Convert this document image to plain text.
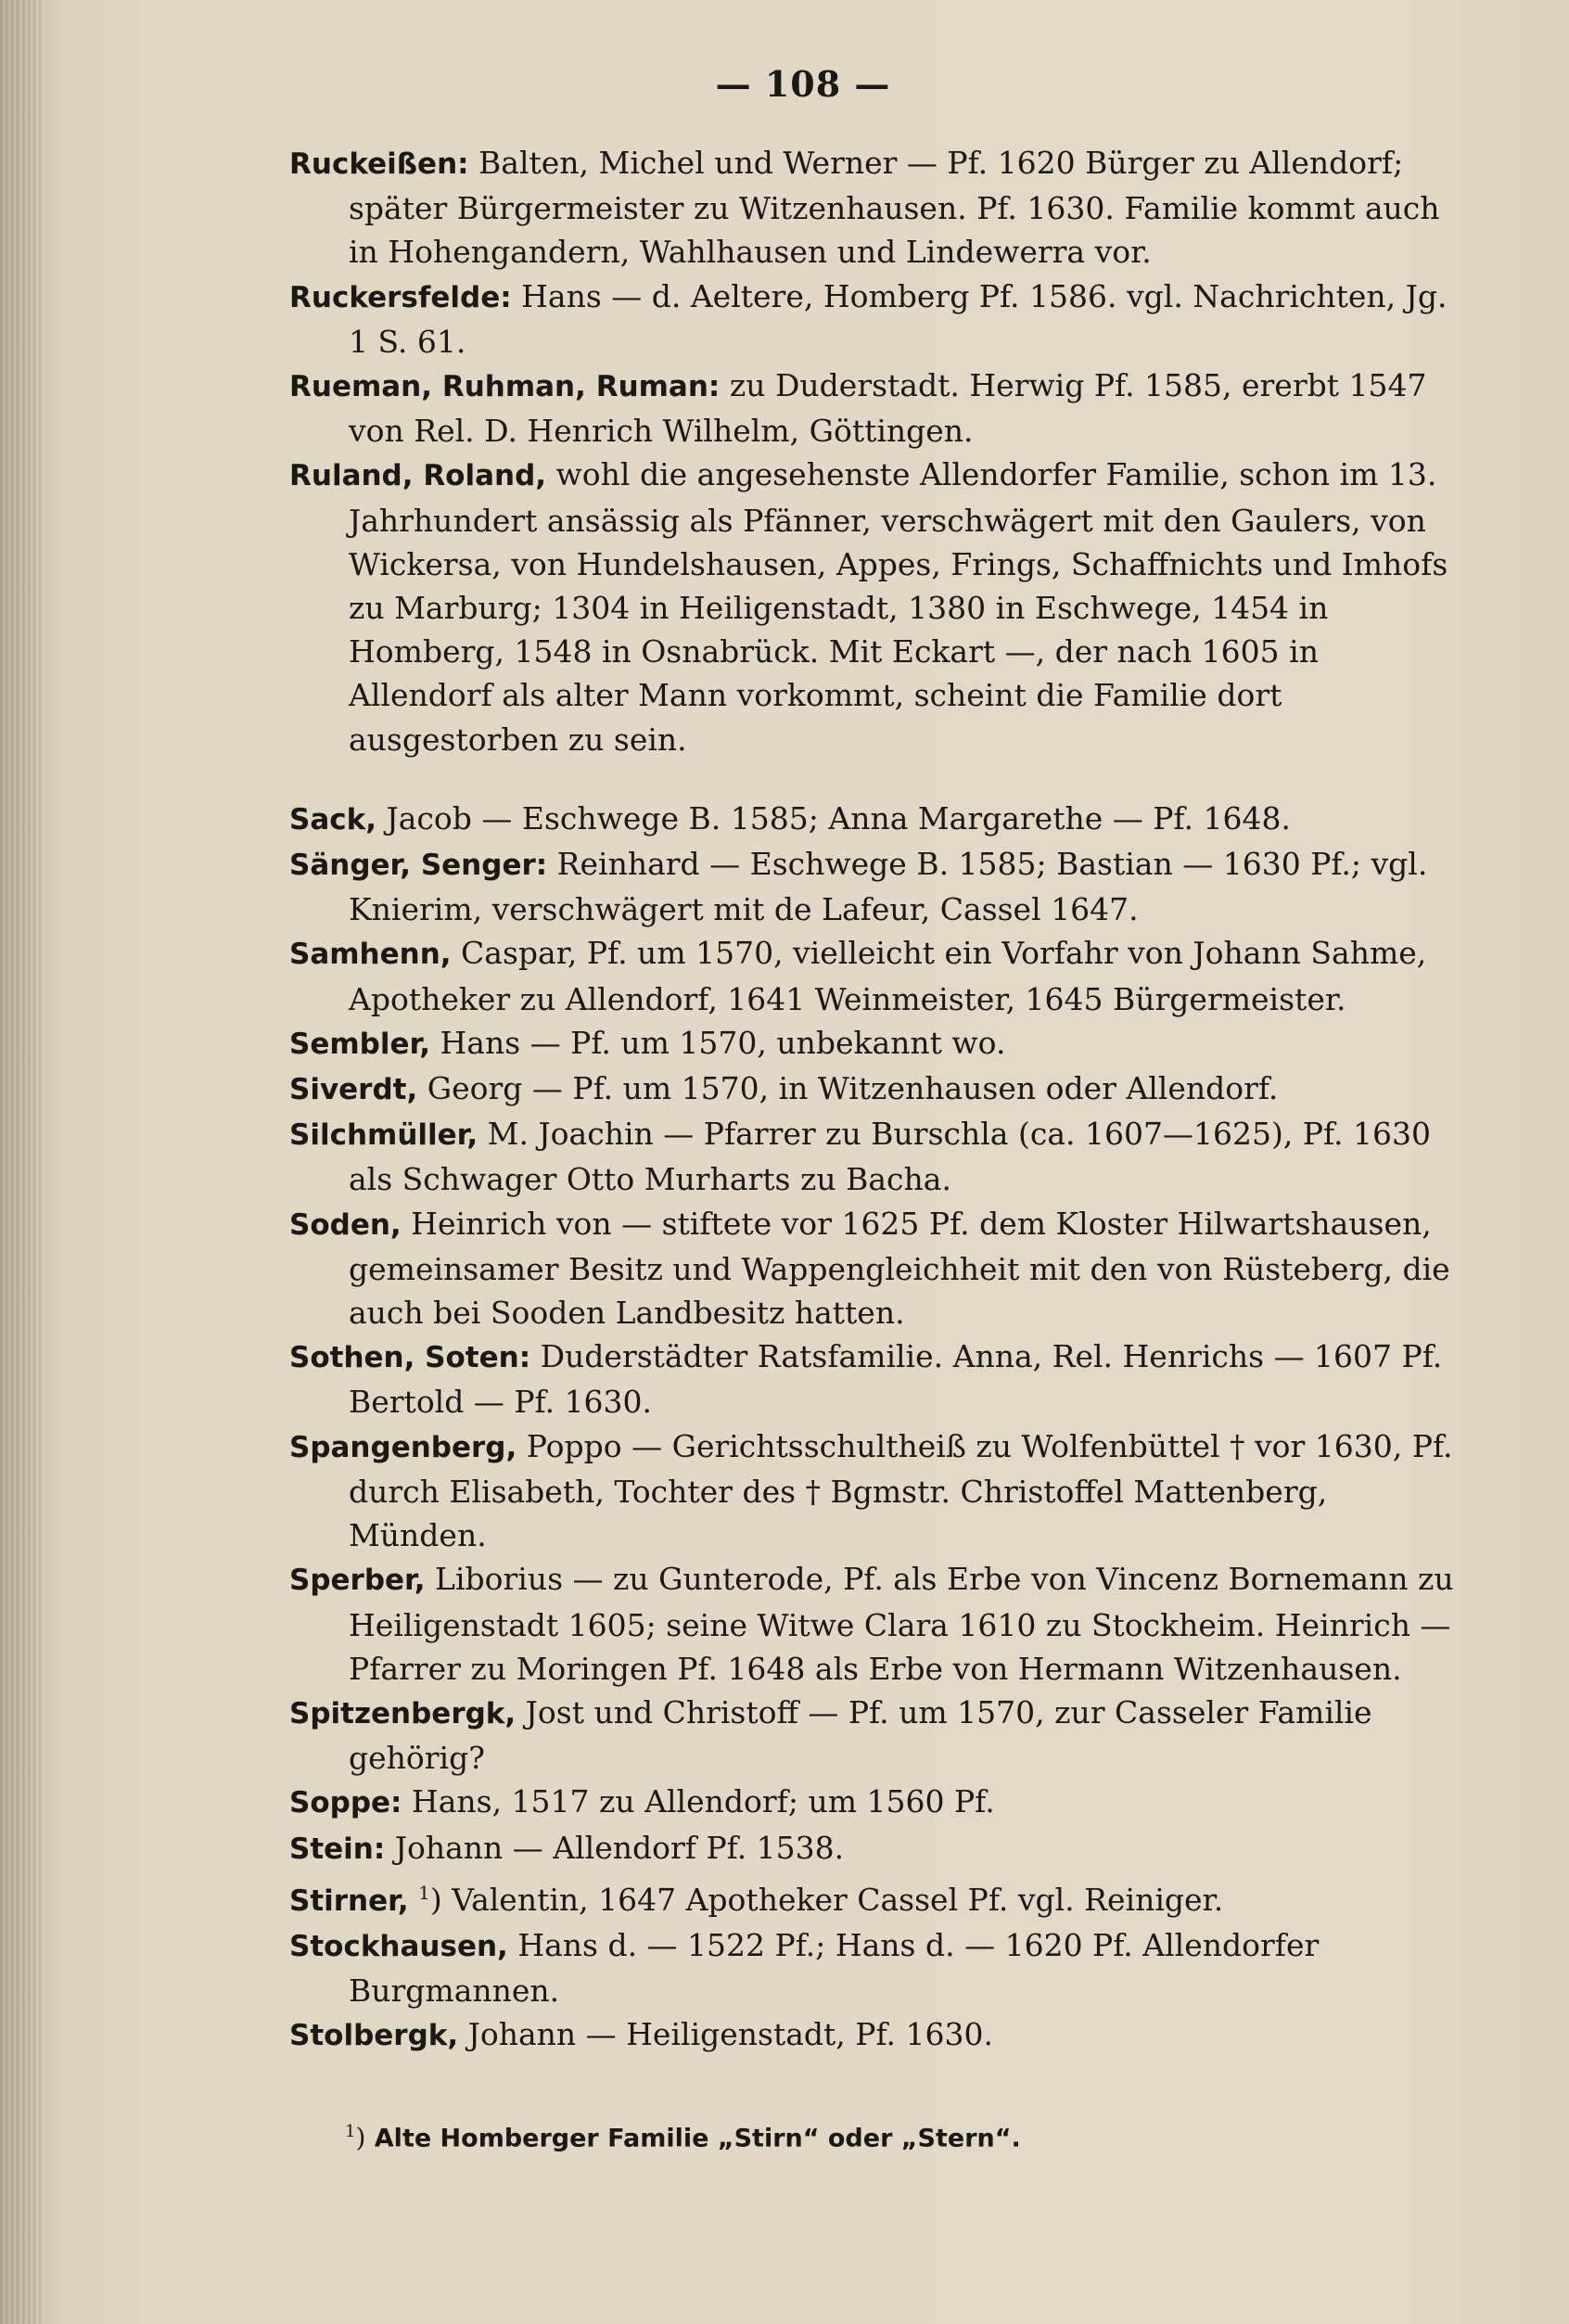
— 108 —

Ruckeißen: Balten, Michel und Werner — Pf. 1620 Bürger zu Allendorf; später Bürgermeister zu Witzenhausen. Pf. 1630. Familie kommt auch in Hohengandern, Wahlhausen und Lindewerra vor.

Ruckersfelde: Hans — d. Aeltere, Homberg Pf. 1586. vgl. Nachrichten, Jg. 1 S. 61.

Rueman, Ruhman, Ruman: zu Duderstadt. Herwig Pf. 1585, ererbt 1547 von Rel. D. Henrich Wilhelm, Göttingen.

Ruland, Roland, wohl die angesehenste Allendorfer Familie, schon im 13. Jahrhundert ansässig als Pfänner, verschwägert mit den Gaulers, von Wickersa, von Hundelshausen, Appes, Frings, Schaffnichts und Imhofs zu Marburg; 1304 in Heiligenstadt, 1380 in Eschwege, 1454 in Homberg, 1548 in Osnabrück. Mit Eckart —, der nach 1605 in Allendorf als alter Mann vorkommt, scheint die Familie dort ausgestorben zu sein.

Sack, Jacob — Eschwege B. 1585; Anna Margarethe — Pf. 1648.

Sänger, Senger: Reinhard — Eschwege B. 1585; Bastian — 1630 Pf.; vgl. Knierim, verschwägert mit de Lafeur, Cassel 1647.

Samhenn, Caspar, Pf. um 1570, vielleicht ein Vorfahr von Johann Sahme, Apotheker zu Allendorf, 1641 Weinmeister, 1645 Bürgermeister.

Sembler, Hans — Pf. um 1570, unbekannt wo.

Siverdt, Georg — Pf. um 1570, in Witzenhausen oder Allendorf.

Silchmüller, M. Joachin — Pfarrer zu Burschla (ca. 1607—1625), Pf. 1630 als Schwager Otto Murharts zu Bacha.

Soden, Heinrich von — stiftete vor 1625 Pf. dem Kloster Hilwartshausen, gemeinsamer Besitz und Wappengleichheit mit den von Rüsteberg, die auch bei Sooden Landbesitz hatten.

Sothen, Soten: Duderstädter Ratsfamilie. Anna, Rel. Henrichs — 1607 Pf. Bertold — Pf. 1630.

Spangenberg, Poppo — Gerichtsschultheiß zu Wolfenbüttel † vor 1630, Pf. durch Elisabeth, Tochter des † Bgmstr. Christoffel Mattenberg, Münden.

Sperber, Liborius — zu Gunterode, Pf. als Erbe von Vincenz Bornemann zu Heiligenstadt 1605; seine Witwe Clara 1610 zu Stockheim. Heinrich — Pfarrer zu Moringen Pf. 1648 als Erbe von Hermann Witzenhausen.

Spitzenbergk, Jost und Christoff — Pf. um 1570, zur Casseler Familie gehörig?

Soppe: Hans, 1517 zu Allendorf; um 1560 Pf.

Stein: Johann — Allendorf Pf. 1538.

Stirner, $^1$) Valentin, 1647 Apotheker Cassel Pf. vgl. Reiniger.

Stockhausen, Hans d. — 1522 Pf.; Hans d. — 1620 Pf. Allendorfer Burgmannen.

Stolbergk, Johann — Heiligenstadt, Pf. 1630.

$^1$) Alte Homberger Familie „Stirn“ oder „Stern“.
